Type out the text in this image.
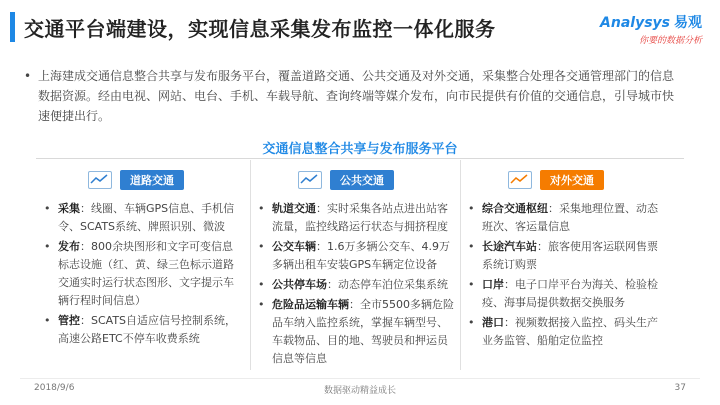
交通平台端建设，实现信息采集发布监控一体化服务	Analysys 易观
你要的数据分析
• 上海建成交通信息整合共享与发布服务平台，覆盖道路交通、公共交通及对外交通，采集整合处理各交通管理部门的信息数据资源。经由电视、网站、电台、手机、车载导航、查询终端等媒介发布，向市民提供有价值的交通信息，引导城市快速便捷出行。
交通信息整合共享与发布服务平台
道路交通	公共交通	对外交通
• 采集：线圈、车辆GPS信息、手机信令、SCATS系统、牌照识别、微波
• 发布：800余块图形和文字可变信息标志设施（红、黄、绿三色标示道路交通实时运行状态图形、文字提示车辆行程时间信息）
• 管控：SCATS自适应信号控制系统，高速公路ETC不停车收费系统
• 轨道交通：实时采集各站点进出站客流量，监控线路运行状态与拥挤程度
• 公交车辆：1.6万多辆公交车、4.9万多辆出租车安装GPS车辆定位设备
• 公共停车场：动态停车泊位采集系统
• 危险品运输车辆：全市5500多辆危险品车纳入监控系统，掌握车辆型号、车载物品、目的地、驾驶员和押运员信息等信息
• 综合交通枢纽：采集地理位置、动态班次、客运量信息
• 长途汽车站：旅客使用客运联网售票系统订购票
• 口岸：电子口岸平台为海关、检验检疫、海事局提供数据交换服务
• 港口：视频数据接入监控、码头生产业务监管、船舶定位监控
2018/9/6	数据驱动精益成长	37
